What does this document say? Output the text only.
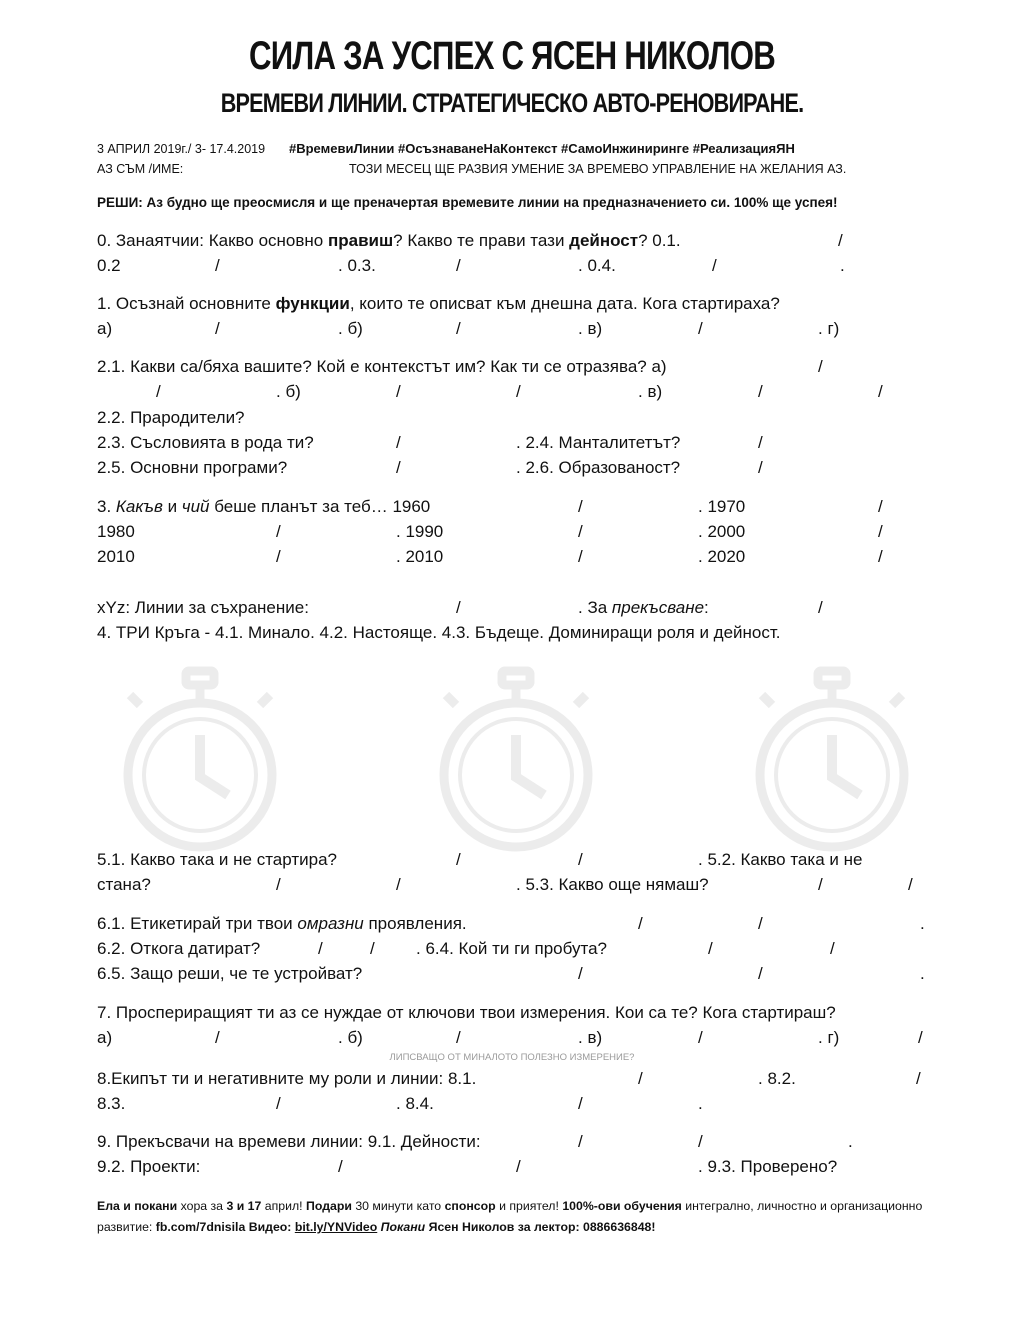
СИЛА ЗА УСПЕХ С ЯСЕН НИКОЛОВ
ВРЕМЕВИ ЛИНИИ. СТРАТЕГИЧЕСКО АВТО-РЕНОВИРАНЕ.
3 АПРИЛ 2019г./ 3- 17.4.2019 #ВремевиЛинии #ОсъзнаванеНаКонтекст #СамоИнжиниринге #РеализацияЯН
АЗ СЪМ /ИМЕ:	ТОЗИ МЕСЕЦ ЩЕ РАЗВИЯ УМЕНИЕ ЗА ВРЕМЕВО УПРАВЛЕНИЕ НА ЖЕЛАНИЯ АЗ.
РЕШИ: Аз будно ще преосмисля и ще преначертая времевите линии на предназначението си. 100% ще успея!
0. Занаятчии: Какво основно правиш? Какво те прави тази дейност? 0.1.	/
0.2	/	. 0.3.	/	. 0.4.	/	.
1. Осъзнай основните функции, които те описват към днешна дата. Кога стартираха?
а)	/	. б)	/	. в)	/	. г)
2.1. Какви са/бяха вашите? Кой е контекстът им? Как ти се отразява? а)	/
/	. б)	/	/	. в)	/	/
2.2. Прародители?
2.3. Съсловията в рода ти?	/	. 2.4. Манталитетът?	/
2.5. Основни програми?	/	. 2.6. Образованост?	/
3. Какъв и чий беше планът за теб… 1960	/	. 1970	/
1980	/	. 1990	/	. 2000	/
2010	/	. 2010	/	. 2020	/
xYz: Линии за съхранение:	/	. За прекъсване:	/
4. ТРИ Кръга - 4.1. Минало. 4.2. Настояще. 4.3. Бъдеще. Доминиращи роля и дейност.
5.1. Какво така и не стартира?	/	/	. 5.2. Какво така и не
стана?	/	/	. 5.3. Какво още нямаш?	/	/
6.1. Етикетирай три твои омразни проявления.	/	/	.
6.2. Откога датират?	/	/ . 6.4. Кой ти ги пробута?	/	/
6.5. Защо реши, че те устройват?	/	/	.
7. Просперирaщият ти аз се нуждае от ключови твои измерения. Кои са те? Кога стартираш?
а)	/	. б)	/	. в)	/	. г)	/
ЛИПСВАЩО ОТ МИНАЛОТО ПОЛЕЗНО ИЗМЕРЕНИЕ?
8.Екипът ти и негативните му роли и линии: 8.1.	/	. 8.2.	/
8.3.	/	. 8.4.	/	.
9. Прекъсвачи на времеви линии: 9.1. Дейности:	/	/	.
9.2. Проекти:	/	/	. 9.3. Проверено?
Ела и покани хора за 3 и 17 април! Подари 30 минути като спонсор и приятел! 100%-ови обучения интегрално, личностно и организационно развитие: fb.com/7dnisila Видео: bit.ly/YNVideo Покани Ясен Николов за лектор: 0886636848!
